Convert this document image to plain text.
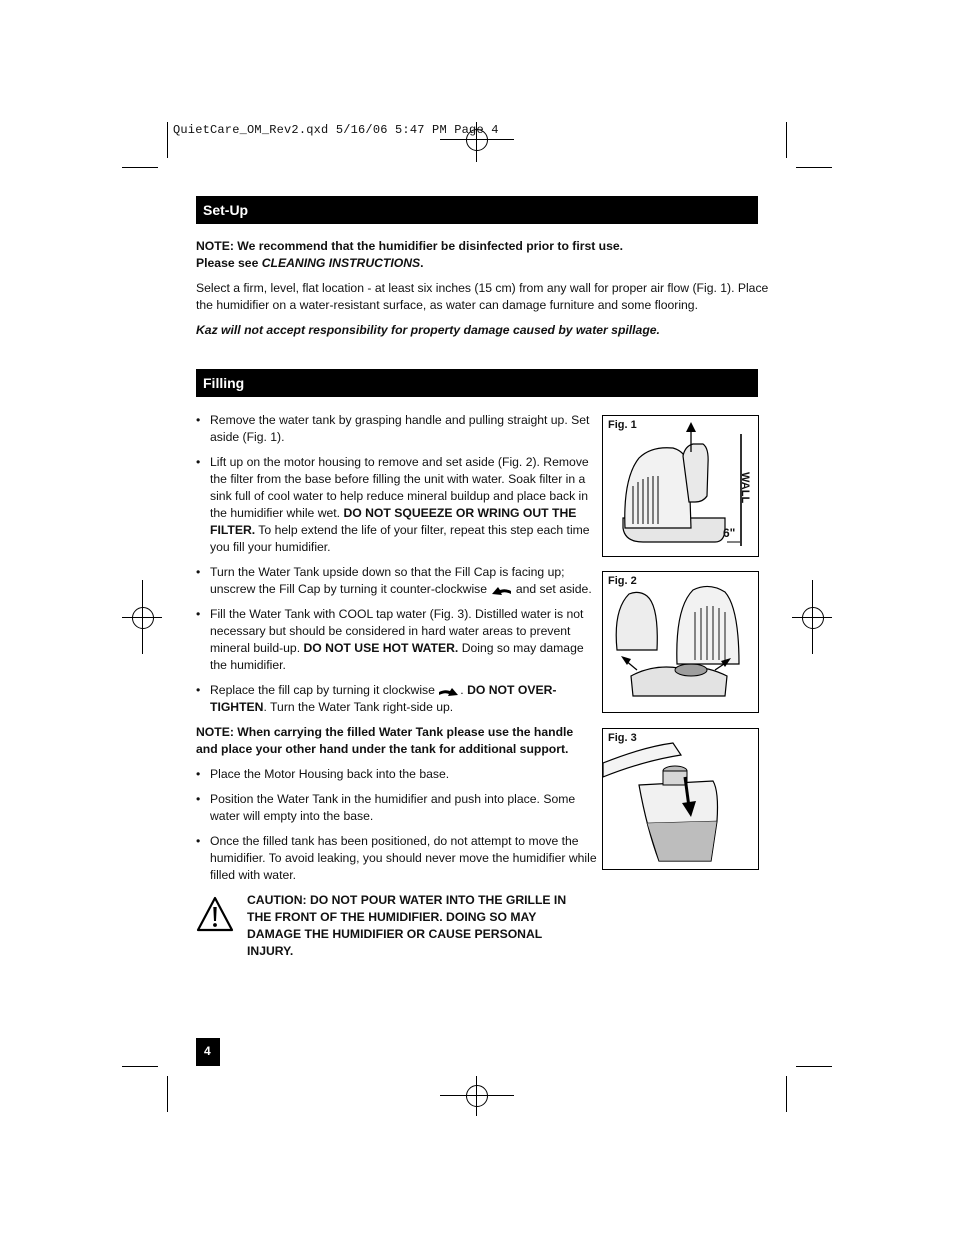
QuietCare_OM_Rev2.qxd 5/16/06 5:47 PM Page 4
Set-Up
NOTE: We recommend that the humidifier be disinfected prior to first use.
Please see CLEANING INSTRUCTIONS.
Select a firm, level, flat location - at least six inches (15 cm) from any wall for proper air flow (Fig. 1). Place
the humidifier on a water-resistant surface, as water can damage furniture and some flooring.
Kaz will not accept responsibility for property damage caused by water spillage.
Filling
• Remove the water tank by grasping handle and pulling straight up. Set aside (Fig. 1).
• Lift up on the motor housing to remove and set aside (Fig. 2). Remove the filter from the base before filling the unit with water. Soak filter in a sink full of cool water to help reduce mineral buildup and place back in the humidifier while wet. DO NOT SQUEEZE OR WRING OUT THE FILTER. To help extend the life of your filter, repeat this step each time you fill your humidifier.
• Turn the Water Tank upside down so that the Fill Cap is facing up; unscrew the Fill Cap by turning it counter-clockwise  and set aside.
• Fill the Water Tank with COOL tap water (Fig. 3). Distilled water is not necessary but should be considered in hard water areas to prevent mineral build-up. DO NOT USE HOT WATER. Doing so may damage the humidifier.
• Replace the fill cap by turning it clockwise . DO NOT OVER-TIGHTEN. Turn the Water Tank right-side up.
NOTE: When carrying the filled Water Tank please use the handle and place your other hand under the tank for additional support.
• Place the Motor Housing back into the base.
• Position the Water Tank in the humidifier and push into place. Some water will empty into the base.
• Once the filled tank has been positioned, do not attempt to move the humidifier. To avoid leaking, you should never move the humidifier while filled with water.
CAUTION: DO NOT POUR WATER INTO THE GRILLE IN THE FRONT OF THE HUMIDIFIER. DOING SO MAY DAMAGE THE HUMIDIFIER OR CAUSE PERSONAL INJURY.
Fig. 1
WALL
6"
Fig. 2
Fig. 3
4
